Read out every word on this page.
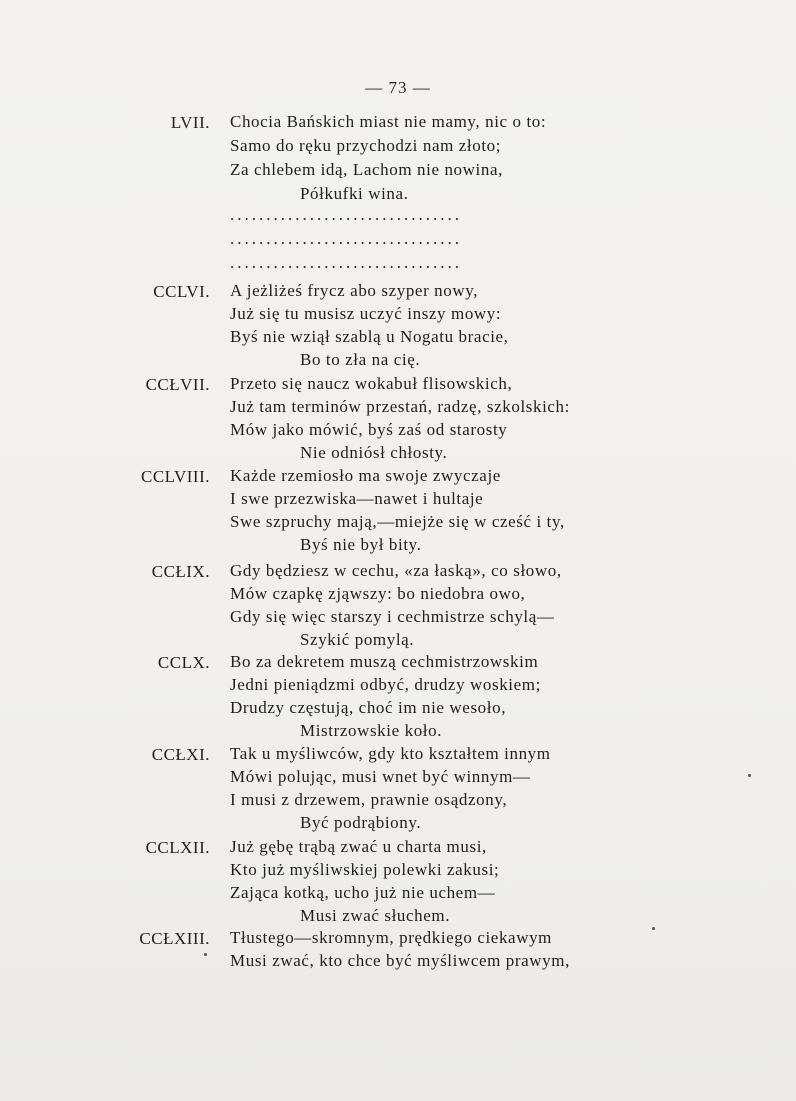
— 73 —
LVII. Chocia Bańskich miast nie mamy, nic o to:
Samo do ręku przychodzi nam złoto;
Za chlebem idą, Lachom nie nowina,
Półkufki wina.
................................
................................
................................
CCLVI. A jeżliżeś frycz abo szyper nowy,
Już się tu musisz uczyć inszy mowy:
Byś nie wziął szablą u Nogatu bracie,
Bo to zła na cię.
CCŁVII. Przeto się naucz wokabuł flisowskich,
Już tam terminów przestań, radzę, szkolskich:
Mów jako mówić, byś zaś od starosty
Nie odniósł chłosty.
CCLVIII. Każde rzemiosło ma swoje zwyczaje
I swe przezwiska—nawet i hultaje
Swe szpruchy mają,—miejże się w cześć i ty,
Byś nie był bity.
CCŁIX. Gdy będziesz w cechu, «za łaską», co słowo,
Mów czapkę zjąwszy: bo niedobra owo,
Gdy się więc starszy i cechmistrze schylą—
Szykić pomylą.
CCLX. Bo za dekretem muszą cechmistrzowskim
Jedni pieniądzmi odbyć, drudzy woskiem;
Drudzy częstują, choć im nie wesoło,
Mistrzowskie koło.
CCŁXI. Tak u myśliwców, gdy kto kształtem innym
Mówi polując, musi wnet być winnym—
I musi z drzewem, prawnie osądzony,
Być podrąbiony.
CCLXII. Już gębę trąbą zwać u charta musi,
Kto już myśliwskiej polewki zakusi;
Zająca kotką, ucho już nie uchem—
Musi zwać słuchem.
CCŁXIII. Tłustego—skromnym, prędkiego ciekawym
Musi zwać, kto chce być myśliwcem prawym,
